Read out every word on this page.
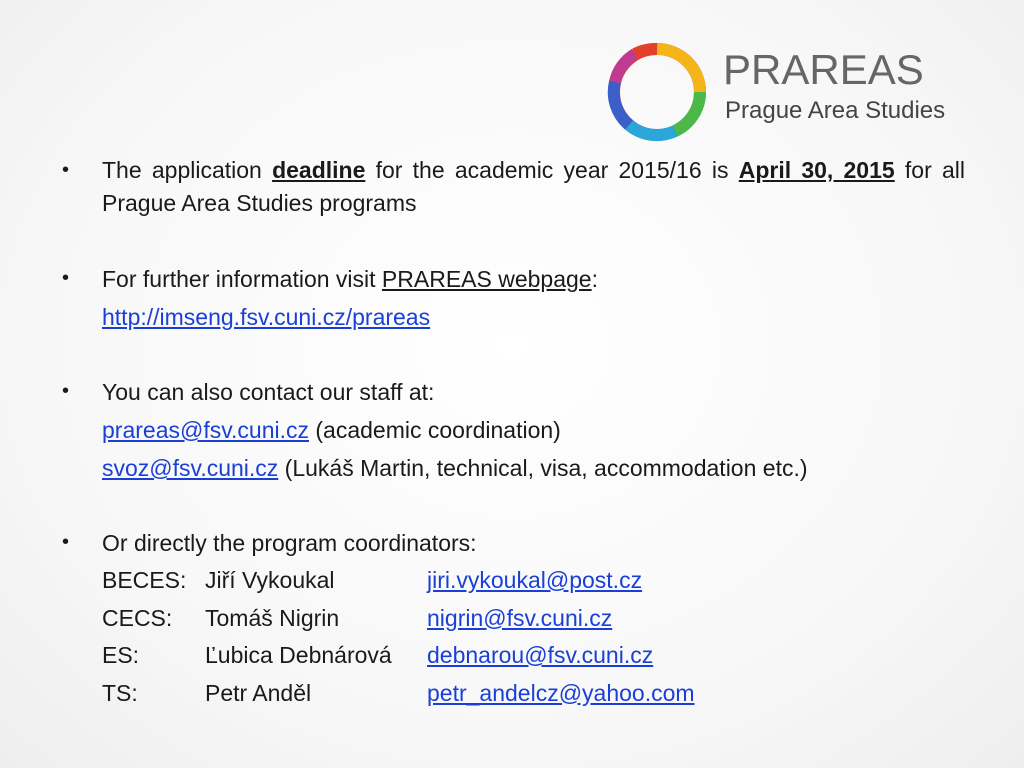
PRAREAS
Prague Area Studies
• The application deadline for the academic year 2015/16 is April 30, 2015 for all Prague Area Studies programs
• For further information visit PRAREAS webpage:
http://imseng.fsv.cuni.cz/prareas
• You can also contact our staff at:
prareas@fsv.cuni.cz (academic coordination)
svoz@fsv.cuni.cz (Lukáš Martin, technical, visa, accommodation etc.)
• Or directly the program coordinators:
BECES: Jiří Vykoukal	jiri.vykoukal@post.cz
CECS:	Tomáš Nigrin	nigrin@fsv.cuni.cz
ES:	Ľubica Debnárová	debnarou@fsv.cuni.cz
TS:	Petr Anděl	petr_andelcz@yahoo.com
